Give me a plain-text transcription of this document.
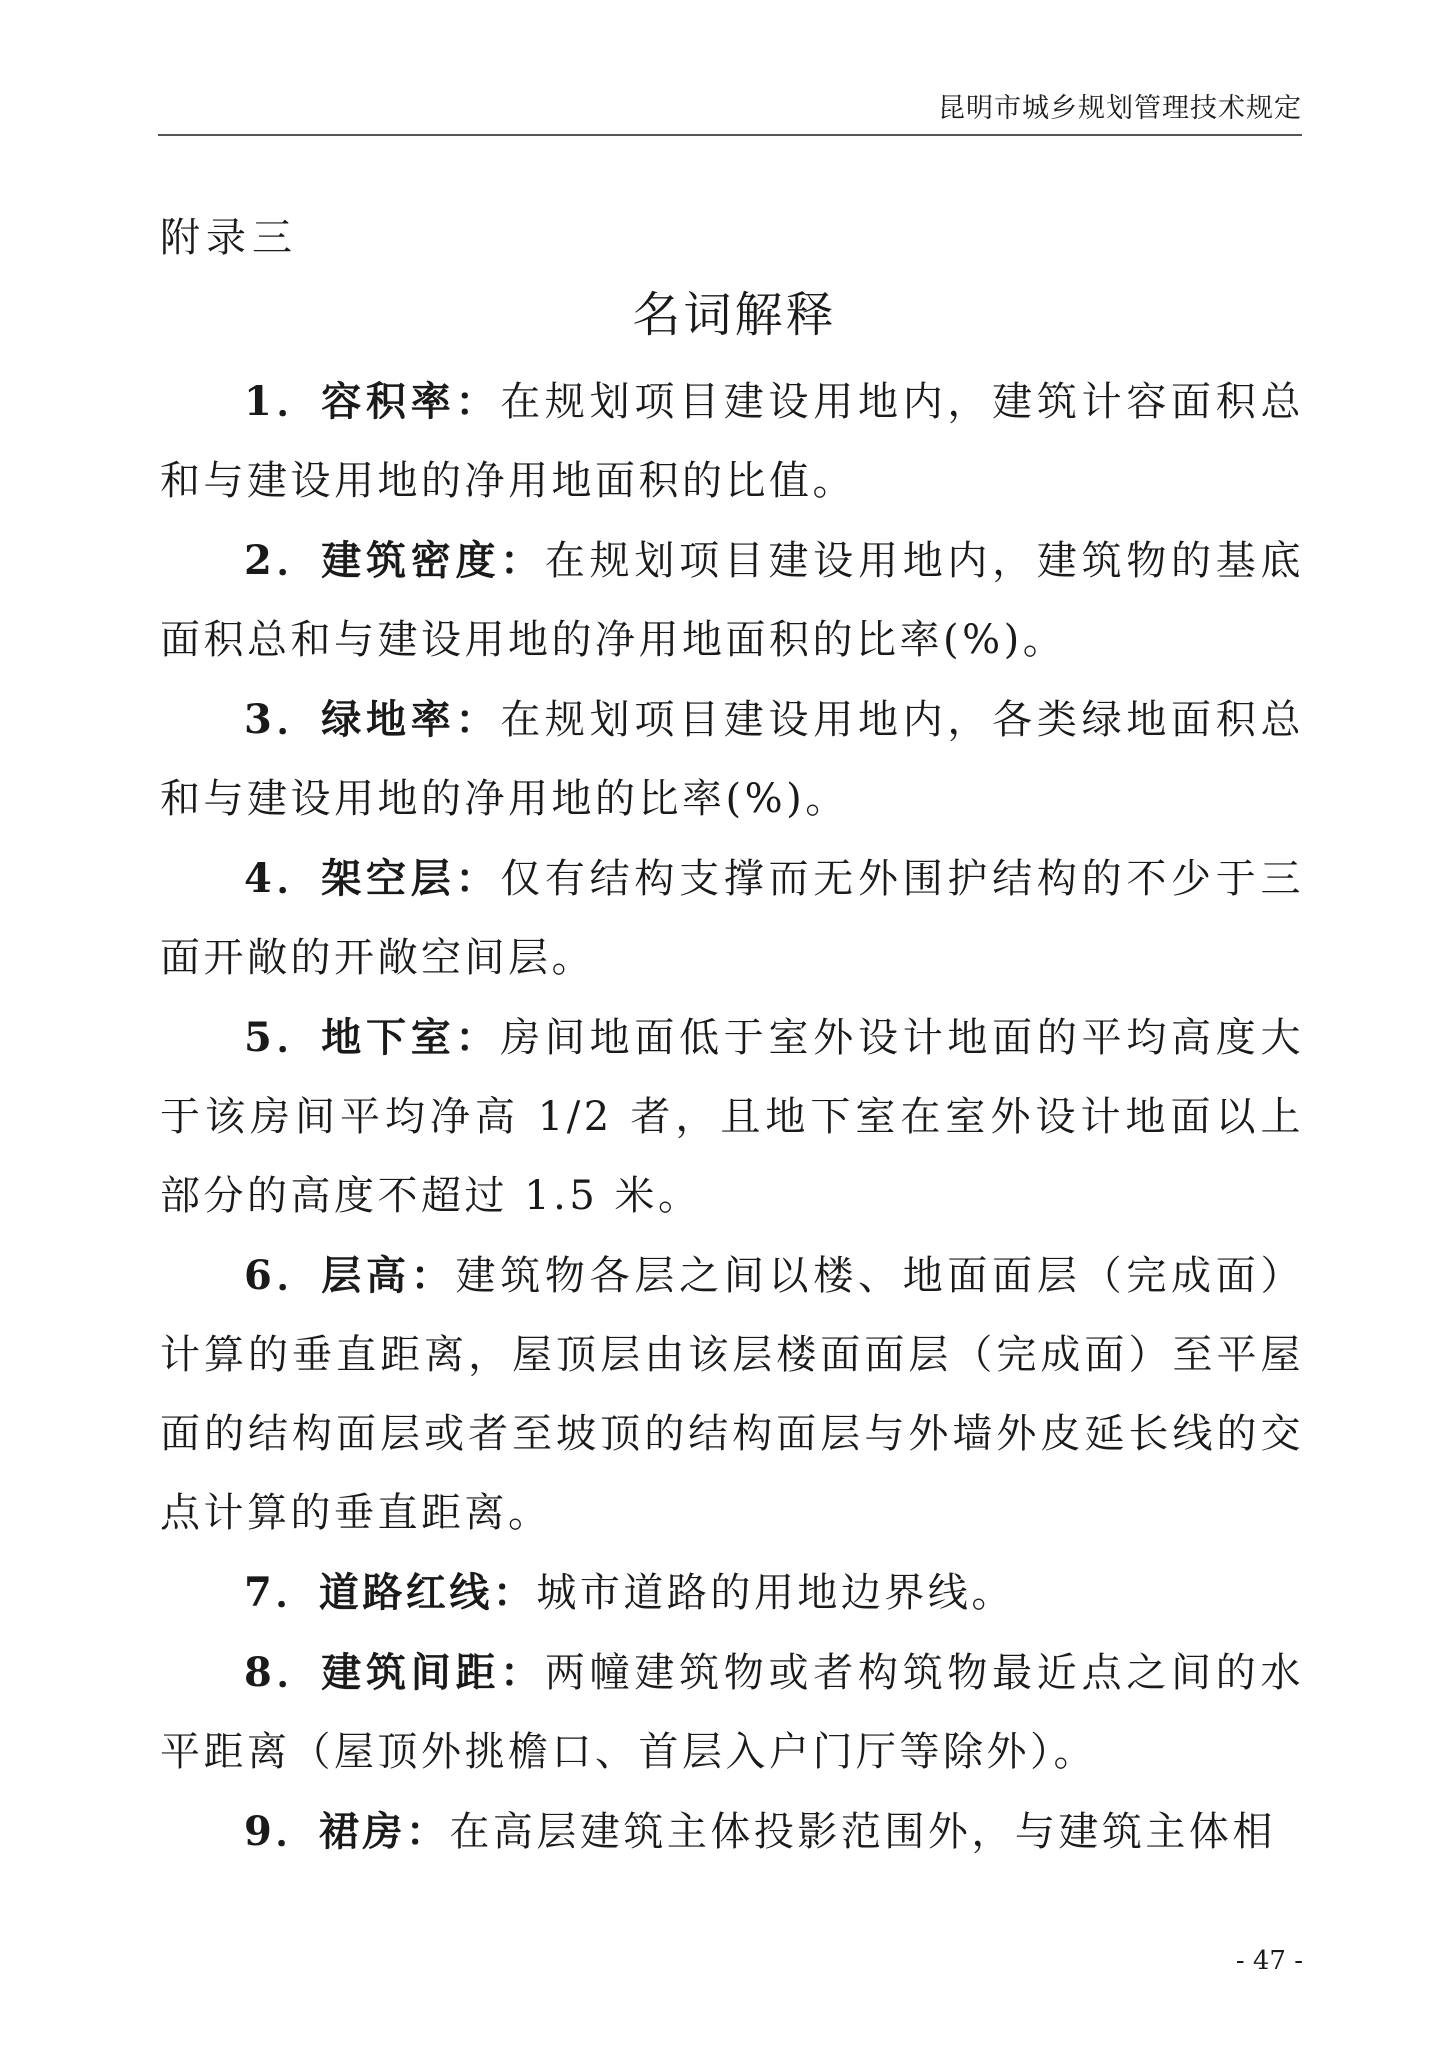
昆明市城乡规划管理技术规定
附录三
名词解释

1．容积率：在规划项目建设用地内，建筑计容面积总和与建设用地的净用地面积的比值。

2．建筑密度：在规划项目建设用地内，建筑物的基底面积总和与建设用地的净用地面积的比率(%)。

3．绿地率：在规划项目建设用地内，各类绿地面积总和与建设用地的净用地的比率(%)。

4．架空层：仅有结构支撑而无外围护结构的不少于三面开敞的开敞空间层。

5．地下室：房间地面低于室外设计地面的平均高度大于该房间平均净高 1/2 者，且地下室在室外设计地面以上部分的高度不超过 1.5 米。

6．层高：建筑物各层之间以楼、地面面层（完成面）计算的垂直距离，屋顶层由该层楼面面层（完成面）至平屋面的结构面层或者至坡顶的结构面层与外墙外皮延长线的交点计算的垂直距离。

7．道路红线：城市道路的用地边界线。

8．建筑间距：两幢建筑物或者构筑物最近点之间的水平距离（屋顶外挑檐口、首层入户门厅等除外）。

9．裙房：在高层建筑主体投影范围外，与建筑主体相

- 47 -
